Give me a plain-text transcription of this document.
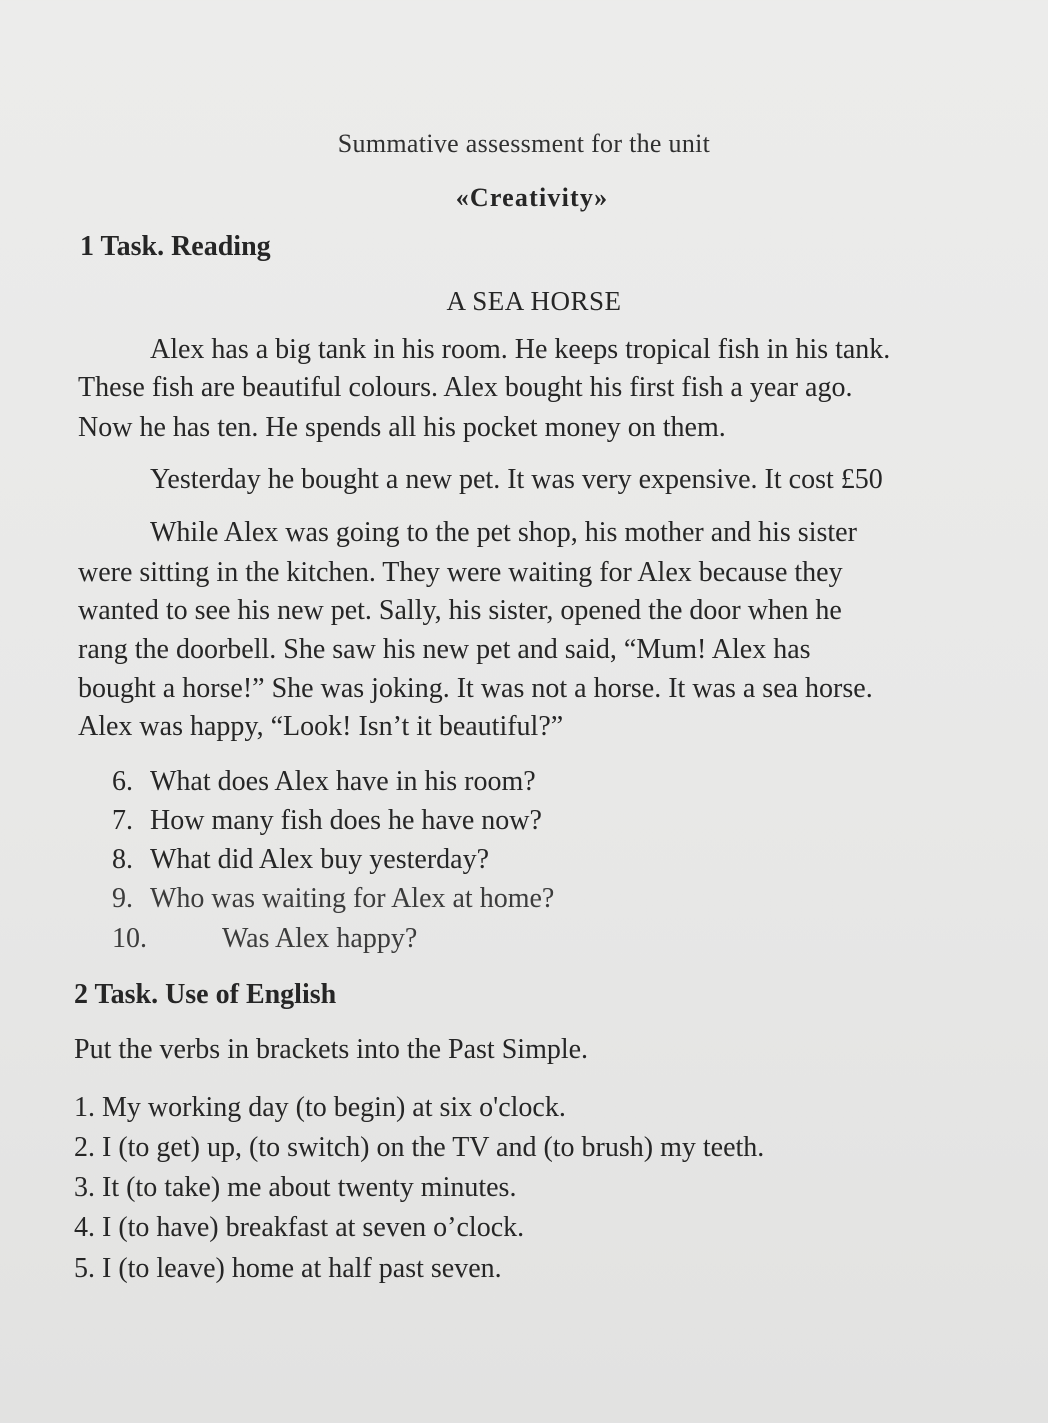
Summative assessment for the unit

«Creativity»

1 Task. Reading

A SEA HORSE

Alex has a big tank in his room. He keeps tropical fish in his tank.

These fish are beautiful colours. Alex bought his first fish a year ago.

Now he has ten. He spends all his pocket money on them.

Yesterday he bought a new pet. It was very expensive. It cost £50

While Alex was going to the pet shop, his mother and his sister

were sitting in the kitchen. They were waiting for Alex because they

wanted to see his new pet. Sally, his sister, opened the door when he

rang the doorbell. She saw his new pet and said, “Mum! Alex has

bought a horse!” She was joking. It was not a horse. It was a sea horse.

Alex was happy, “Look! Isn’t it beautiful?”

6. What does Alex have in his room?

7. How many fish does he have now?

8. What did Alex buy yesterday?

9. Who was waiting for Alex at home?

10.	Was Alex happy?

2 Task. Use of English

Put the verbs in brackets into the Past Simple.

1. My working day (to begin) at six o'clock.

2. I (to get) up, (to switch) on the TV and (to brush) my teeth.

3. It (to take) me about twenty minutes.

4. I (to have) breakfast at seven o’clock.

5. I (to leave) home at half past seven.
